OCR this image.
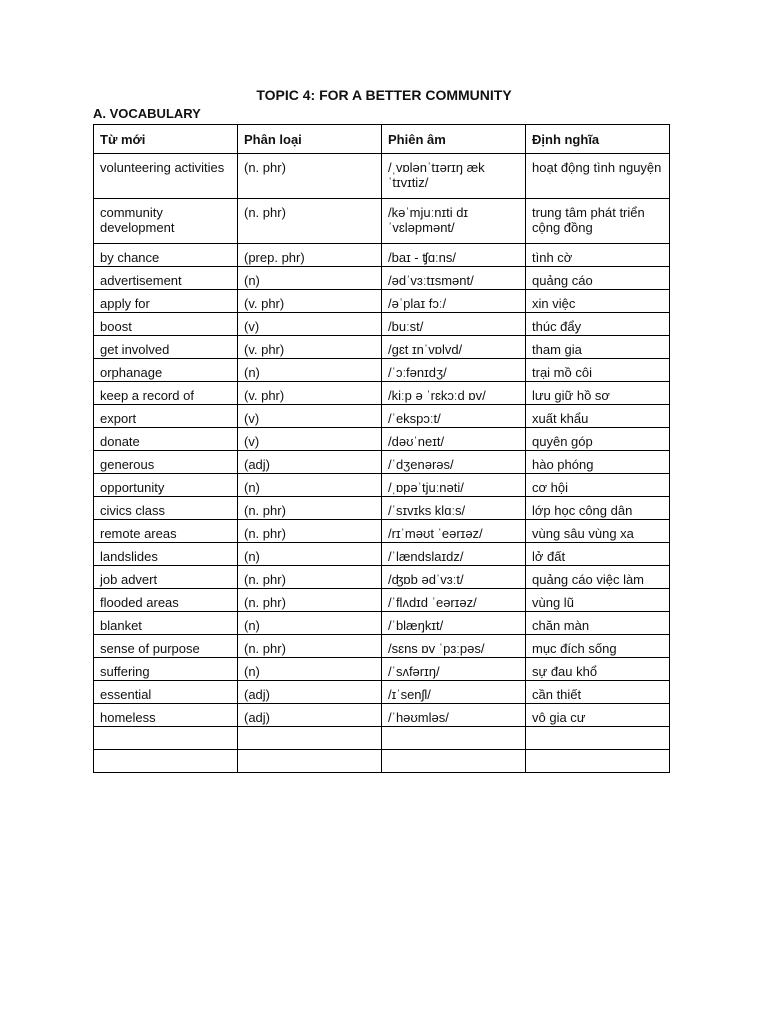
TOPIC 4: FOR A BETTER COMMUNITY
A. VOCABULARY
Từ mới	Phân loại	Phiên âm	Định nghĩa
volunteering activities	(n. phr)	/ˌvɒlənˈtɪərɪŋ ækˈtɪvɪtiz/	hoạt động tình nguyện
community development	(n. phr)	/kəˈmjuːnɪti dɪˈvɛləpmənt/	trung tâm phát triển cộng đồng
by chance	(prep. phr)	/baɪ - ʧɑːns/	tình cờ
advertisement	(n)	/ədˈvɜːtɪsmənt/	quảng cáo
apply for	(v. phr)	/əˈplaɪ fɔː/	xin việc
boost	(v)	/buːst/	thúc đẩy
get involved	(v. phr)	/gɛt ɪnˈvɒlvd/	tham gia
orphanage	(n)	/ˈɔːfənɪdʒ/	trại mồ côi
keep a record of	(v. phr)	/kiːp ə ˈrɛkɔːd ɒv/	lưu giữ hồ sơ
export	(v)	/ˈekspɔːt/	xuất khẩu
donate	(v)	/dəʊˈneɪt/	quyên góp
generous	(adj)	/ˈdʒenərəs/	hào phóng
opportunity	(n)	/ˌɒpəˈtjuːnəti/	cơ hội
civics class	(n. phr)	/ˈsɪvɪks klɑːs/	lớp học công dân
remote areas	(n. phr)	/rɪˈməʊt ˈeərɪəz/	vùng sâu vùng xa
landslides	(n)	/ˈlændslaɪdz/	lở đất
job advert	(n. phr)	/ʤɒb ədˈvɜːt/	quảng cáo việc làm
flooded areas	(n. phr)	/ˈflʌdɪd ˈeərɪəz/	vùng lũ
blanket	(n)	/ˈblæŋkɪt/	chăn màn
sense of purpose	(n. phr)	/sɛns ɒv ˈpɜːpəs/	mục đích sống
suffering	(n)	/ˈsʌfərɪŋ/	sự đau khổ
essential	(adj)	/ɪˈsenʃl/	cần thiết
homeless	(adj)	/ˈhəʊmləs/	vô gia cư
